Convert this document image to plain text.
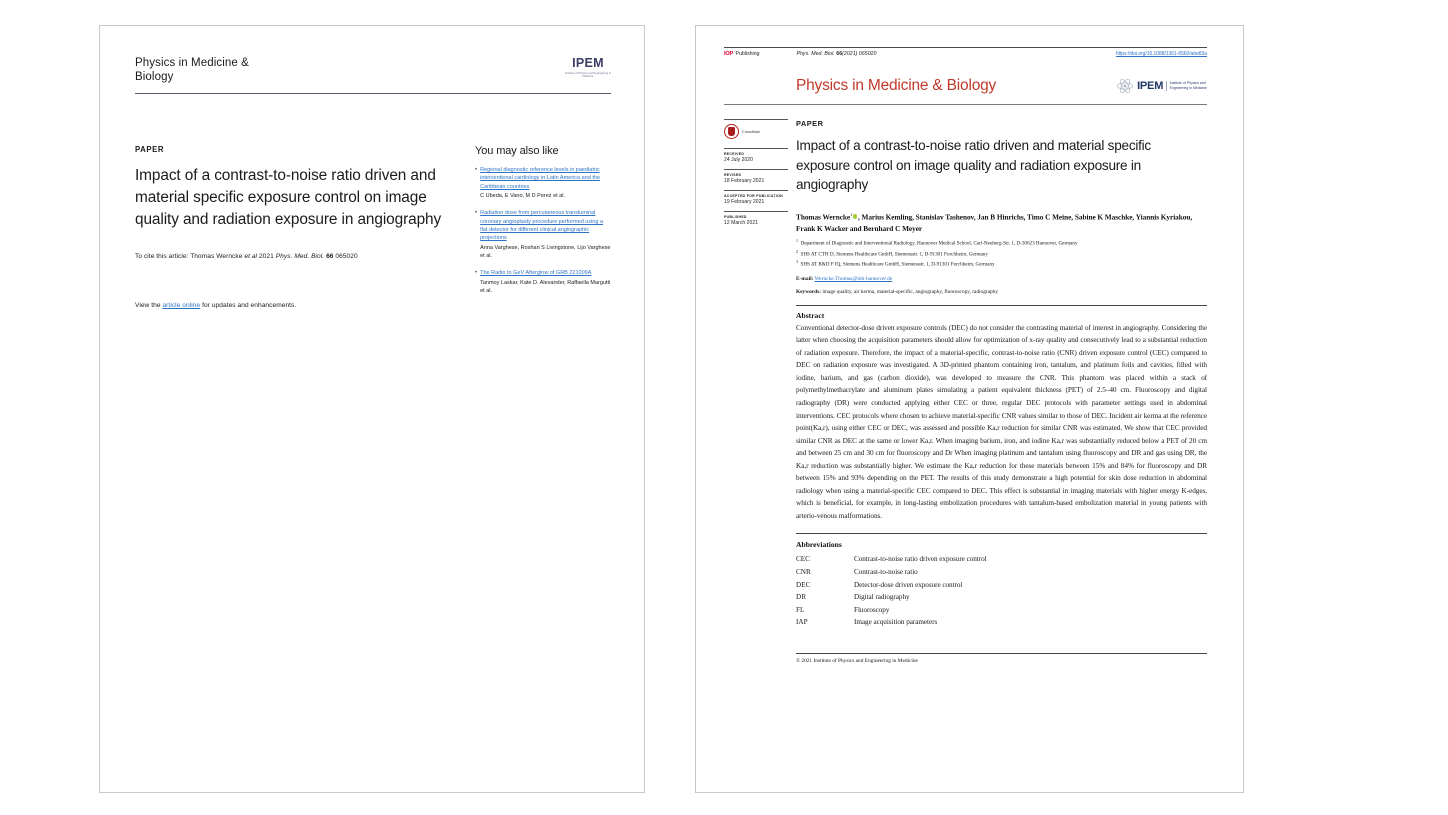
Physics in Medicine &
Biology
IPEM
Institute of Physics and Engineering in Medicine
PAPER
Impact of a contrast-to-noise ratio driven and material specific exposure control on image quality and radiation exposure in angiography
To cite this article: Thomas Werncke et al 2021 Phys. Med. Biol. 66 065020
View the article online for updates and enhancements.
You may also like
• Regional diagnostic reference levels in paediatric interventional cardiology in Latin America and the Caribbean countries
C Ubeda, E Vano, M D Perez et al.
• Radiation dose from percutaneous transluminal coronary angioplasty procedure performed using a flat detector for different clinical angiographic projections
Anna Varghese, Roshan S Livingstone, Lijo Varghese et al.
• The Radio to GeV Afterglow of GRB 221009A
Tanmoy Laskar, Kate D. Alexander, Raffaella Margutti et al.
IOP Publishing	Phys. Med. Biol. 66(2021) 065020	https://doi.org/10.1088/1361-6560/abe83a
Physics in Medicine & Biology	IPEM Institute of Physics and
Engineering in Medicine
CrossMark
RECEIVED
24 July 2020
REVISED
18 February 2021
ACCEPTED FOR PUBLICATION
19 February 2021
PUBLISHED
12 March 2021
PAPER
Impact of a contrast-to-noise ratio driven and material specific exposure control on image quality and radiation exposure in angiography
Thomas Werncke$^1$ , Marius Kemling, Stanislav Tashenov, Jan B Hinrichs, Timo C Meine, Sabine K Maschke, Yiannis Kyriakou, Frank K Wacker and Bernhard C Meyer
$^1$Department of Diagnostic and Interventional Radiology, Hannover Medical School, Carl-Neuberg-Str. 1, D-30623 Hannover, Germany
$^2$SHS AT CTH D, Siemens Healthcare GmbH, Siemensstr. 1, D-91301 Forchheim, Germany
$^3$SHS AT R&D F IQ, Siemens Healthcare GmbH, Siemensstr. 1, D-91301 Forchheim, Germany
E-mail: Werncke.Thomas@mh-hannover.de
Keywords: image quality, air kerma, material-specific, angiography, fluoroscopy, radiography
Abstract

Conventional detector-dose driven exposure controls (DEC) do not consider the contrasting material of interest in angiography. Considering the latter when choosing the acquisition parameters should allow for optimization of x-ray quality and consecutively lead to a substantial reduction of radiation exposure. Therefore, the impact of a material-specific, contrast-to-noise ratio (CNR) driven exposure control (CEC) compared to DEC on radiation exposure was investigated. A 3D-printed phantom containing iron, tantalum, and platinum foils and cavities, filled with iodine, barium, and gas (carbon dioxide), was developed to measure the CNR. This phantom was placed within a stack of polymethylmethacrylate and aluminum plates simulating a patient equivalent thickness (PET) of 2.5–40 cm. Fluoroscopy and digital radiography (DR) were conducted applying either CEC or three, regular DEC protocols with parameter settings used in abdominal interventions. CEC protocols where chosen to achieve material-specific CNR values similar to those of DEC. Incident air kerma at the reference point(Ka,r), using either CEC or DEC, was assessed and possible Ka,r reduction for similar CNR was estimated. We show that CEC provided similar CNR as DEC at the same or lower Ka,r. When imaging barium, iron, and iodine Ka,r was substantially reduced below a PET of 20 cm and between 25 cm and 30 cm for fluoroscopy and Dr When imaging platinum and tantalum using fluoroscopy and DR and gas using DR, the Ka,r reduction was substantially higher. We estimate the Ka,r reduction for these materials between 15% and 84% for fluoroscopy and DR between 15% and 93% depending on the PET. The results of this study demonstrate a high potential for skin dose reduction in abdominal radiology when using a material-specific CEC compared to DEC. This effect is substantial in imaging materials with higher energy K-edges, which is beneficial, for example, in long-lasting embolization procedures with tantalum-based embolization material in young patients with arterio-venous malformations.

Abbreviations
CEC	Contrast-to-noise ratio driven exposure control
CNR	Contrast-to-noise ratio
DEC	Detector-dose driven exposure control
DR	Digital radiography
FL	Fluoroscopy
IAP	Image acquisition parameters
© 2021 Institute of Physics and Engineering in Medicine
